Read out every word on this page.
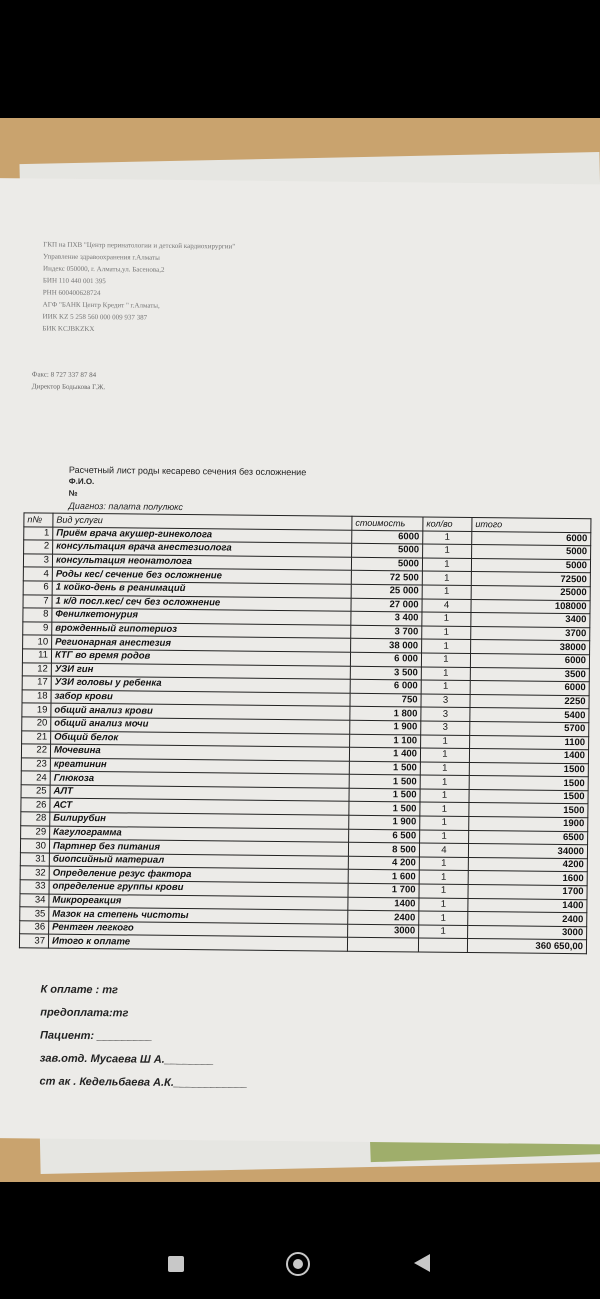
ГКП на ПХВ "Центр перинатологии и детской кардиохирургии"
Управление здравоохранения г.Алматы
Индекс 050000, г. Алматы,ул. Басенова,2
БИН 110 440 001 395
РНН 600400628724
АГФ "БАНК Центр Кредит " г.Алматы,
ИИК KZ 5 258 560 000 009 937 387
БИК KCJBKZKX
Факс: 8 727 337 87 84
Директор Бодыкова Г.Ж.
Расчетный лист роды кесарево сечения без осложнение
Ф.И.О.
№
Диагноз: палата полулюкс
n№	Вид услуги	стоимость	кол/во	итого
1	Приём врача акушер-гинеколога	6000	1	6000
2	консультация врача анестезиолога	5000	1	5000
3	консультация неонатолога	5000	1	5000
4	Роды кес/ сечение без осложнение	72 500	1	72500
6	1 койко-день в реанимаций	25 000	1	25000
7	1 к/д посл.кес/ сеч без осложнение	27 000	4	108000
8	Фенилкетонурия	3 400	1	3400
9	врожденный гипотериоз	3 700	1	3700
10	Регионарная анестезия	38 000	1	38000
11	КТГ во время родов	6 000	1	6000
12	УЗИ гин	3 500	1	3500
17	УЗИ головы у ребенка	6 000	1	6000
18	забор крови	750	3	2250
19	общий анализ крови	1 800	3	5400
20	общий анализ мочи	1 900	3	5700
21	Общий белок	1 100	1	1100
22	Мочевина	1 400	1	1400
23	креатинин	1 500	1	1500
24	Глюкоза	1 500	1	1500
25	АЛТ	1 500	1	1500
26	АСТ	1 500	1	1500
28	Билирубин	1 900	1	1900
29	Кагулограмма	6 500	1	6500
30	Партнер без питания	8 500	4	34000
31	биопсийный материал	4 200	1	4200
32	Определение резус фактора	1 600	1	1600
33	определение группы крови	1 700	1	1700
34	Микрореакция	1400	1	1400
35	Мазок на степень чистоты	2400	1	2400
36	Рентген легкого	3000	1	3000
37	Итого к оплате			360 650,00
К оплате : тг
предоплата:тг
Пациент: _________
зав.отд. Мусаева Ш А.________
ст ак . Кедельбаева А.К.____________
